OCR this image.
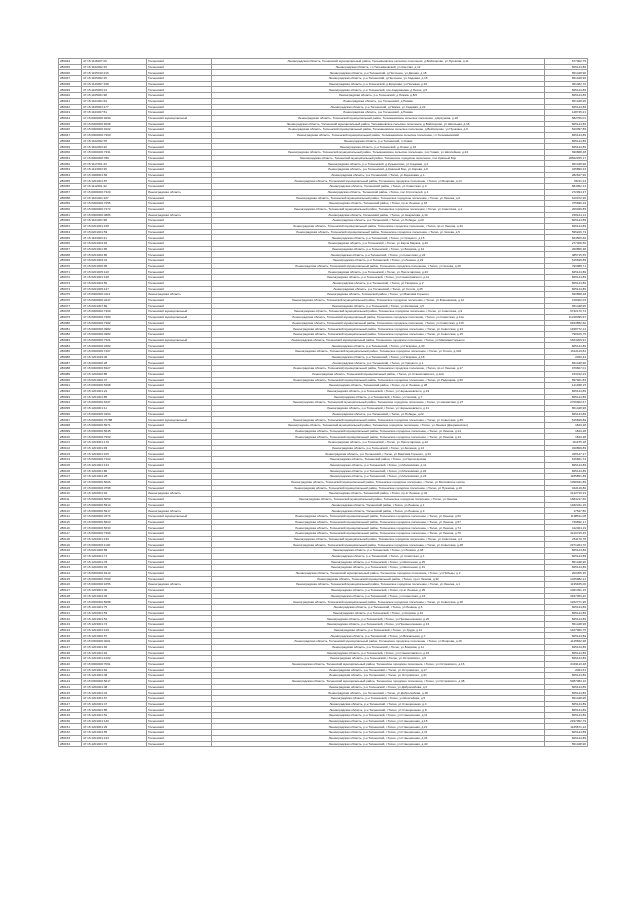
280034	47:15:1116007:26	Тосненский	Ленинградская область, Тосненский муниципальный район, Тельмановское сельское поселение, д.Войскорово, ул.Пушкина, д.11	677002,79
280035	47:15:1102002:15	Тосненский	Ленинградская область, г.п.Тельмановский, ул.Светлая, д.12	825144,89
280036	47:15:1105010:216	Тосненский	Ленинградская область, р-н Тосненский, д.Песочное, ул.Дачная, д.18	651448,96
280037	47:15:1105002:15	Тосненский	Ленинградская область, р-н Тосненский, д.Песочное, ул.Садовая, д.15	651448,96
280038	47:15:1126007:138	Тосненский	Ленинградская область, р-н Тосненский, д.Ерзунова, ул.Полевая, д.22	361462,76
280039	47:15:1105003:14	Тосненский	Ленинградская область, р-н Тосненский, пос.Андрианова, д.Песок, д.5	825144,89
280040	47:15:1105001:98	Тосненский	Ленинградская область, р-н Тосненский, д.Пижма, д.8/4	825144,89
280041	47:15:1101001:63	Тосненский	Ленинградская область, р-н Тосненский, д.Пижма	651448,96
280042	47:15:1105004:177	Тосненский	Ленинградская область, р-н Тосненский, д.Пижма, ул.Садовая, д.22	825144,89
280043	47:15:1103007:51	Тосненский	Ленинградская область, р-н Тосненский, д.Пижма	148745,21
280044	47:15:0000000:9290	Тосненский муниципальный	Ленинградская область, Тосненский муниципальный район, Тельмановское сельское поселение, д.Ерзунова, д.18	582756,01
280045	47:15:0000000:9268	Тосненский	Ленинградская область, Тосненский муниципальный район, Тельмановское сельское поселение, д.Войскорово, ул.Школьная, д.16	825144,89
280046	47:15:0000000:9162	Тосненский	Ленинградская область, Тосненский муниципальный район, Тельмановское сельское поселение, д.Войскорово, ул.Пушкина, д.9	520097,89
280047	47:15:0000000:7360	Тосненский	Ленинградская область, Тосненский муниципальный район, Тельмановское сельское поселение, г.п.Тельмановский	825144,89
280048	47:15:1102002:78	Тосненский	Ленинградская область, р-н Тосненский, п.Ушаки	825144,89
280049	47:15:1102003:40	Тосненский	Ленинградская область, р-н Тосненский, д.Ушаки, д.16	825144,89
280050	47:15:0000000:7331	Тосненский	Ленинградская область, Тосненский муниципальный район, Тельмановское сельское поселение, пос.Ушаки, ул.Шоссейная, д.24	690868,48
280051	47:15:0000000:780	Тосненский	Ленинградская область, Тосненский муниципальный район, Тосненское городское поселение, пос.Красный Бор	18662355,17
280052	47:15:1117001:43	Тосненский	Ленинградская область, р-н Тосненский, д.Кузьмолово, ул.Садовая, д.4	651448,96
280053	47:15:1123003:36	Тосненский	Ленинградская область, р-н Тосненский, д.Красный Бор, ул.Кирова, д.9	325890,34
280054	47:15:1008001:56	Тосненский	Ленинградская область, р-н Тосненский, г.Тосно, ул.Березовая, д.1	282627,96
280055	47:15:1201001:87	Тосненский	Ленинградская область, Тосненский муниципальный район, Тосненское городское поселение, г.Тосно, ул.Боярова, д.14	78211,24
280056	47:15:1112001:32	Тосненский	Ленинградская область, Тосненский район, г.Тосно, ул.Советская, д.4	684952,13
280057	47:15:0000000:7320	Ленинградская область	Ленинградская область, Тосненский район, г.Тосно, пос.Строителей, д.1	272094,37
280058	47:15:1101001:107	Тосненский	Ленинградская область, Тосненский муниципальный район, Тосненское городское поселение, г.Тосно, ул.Ленина, д.6	610072,96
280059	47:15:0000000:7255	Тосненский	Ленинградская область, Тосненский район, г.Тосно, пр-кт Ленина, д.18	375699,19
280060	47:15:0000000:7274	Тосненский	Ленинградская область, Тосненский муниципальный район, Тосненское городское поселение, г.Тосно, ул.Советская, д.1	206036,89
280061	47:15:0000000:4886	Ленинградская область	Ленинградская область, Тосненский район, г.Тосно, ул.Некрасова, д.10	158124,14
280062	47:15:1101001:98	Тосненский	Ленинградская область, р-н Тосненский, г.Тосно, ул.Победы, д.20	825144,89
280063	47:15:0201001:158	Тосненский	Ленинградская область, Тосненский муниципальный район, Тосненское городское поселение, г.Тосно, пр-кт Ленина, д.33	825144,89
280064	47:15:0201001:53	Тосненский	Ленинградская область, Тосненский муниципальный район, Тосненское городское поселение, г.Тосно, ул.Чехова, д.5	595226,73
280065	47:15:1103003:41	Тосненский	Ленинградская область, р-н Тосненский, г.Тосно, ул.Урицкого, д.15	844506,66
280066	47:15:0201003:94	Тосненский	Ленинградская область, р-н Тосненский, г.Тосно, ул.Карла Маркса, д.40	277306,56
280067	47:15:0201001:65	Тосненский	Ленинградская область, р-н Тосненский, г.Тосно, ул.Боярова, д.14	260856,38
280068	47:15:0201002:86	Тосненский	Ленинградская область, р-н Тосненский, г.Тосно, ул.Советская, д.24	485715,55
280069	47:15:0201003:34	Тосненский	Ленинградская область, р-н Тосненский, г.Тосно, ул.Ленина, д.22	516849,89
280070	47:15:0201006:95	Тосненский	Ленинградская область, Тосненский муниципальный район, Тосненское городское поселение, г.Тосно, ул.Чехова, д.29	790088,71
280071	47:15:0201005:120	Тосненский	Ленинградская область, р-н Тосненский, г.Тосно, ул.Пролетарская, д.23	825144,89
280072	47:15:0201001:138	Тосненский	Ленинградская область, р-н Тосненский, г.Тосно, ул.Станиславского, д.11	825144,89
280073	47:15:0201004:50	Тосненский	Ленинградская область, р-н Тосненский, г.Тосно, ул.Гагарина, д.2	825144,89
280074	47:15:0201005:137	Тосненский	Ленинградская область, р-н Тосненский, г.Тосно, ул.Гоголя, д.25	825144,89
280075	47:15:0000000:4113	Ленинградская область	Ленинградская область, Тосненский район, г.Тосно, ул.Максима Горького	690868,48
280076	47:15:0000000:3447	Тосненский	Ленинградская область, Тосненский муниципальный район, Тосненское городское поселение, г.Тосно, ул.Блинникова, д.12	128402,03
280077	47:15:0201007:89	Тосненский	Ленинградская область, р-н Тосненский, г.Тосно, ул.Калинина, д.5	651448,96
280078	47:15:0000000:7309	Тосненский муниципальный	Ленинградская область, Тосненский муниципальный район, Тосненское городское поселение, г.Тосно, ул.Советская, д.9	6732170,74
280079	47:15:0000000:7380	Тосненский муниципальный	Ленинградская область, Тосненский муниципальный район, Тосненское городское поселение, г.Тосно, ул.Советская, д.11а	11218396,97
280080	47:15:0000000:7382	Тосненский	Ленинградская область, Тосненский муниципальный район, Тосненское городское поселение, г.Тосно, ул.Советская, д.11б	6493852,60
280081	47:15:0000000:4982	Тосненский	Ленинградская область, Тосненский муниципальный район, Тосненское городское поселение, г.Тосно, ул.Советская, д.13	1458772,14
280082	47:15:0000000:4983	Тосненский	Ленинградская область, Тосненский муниципальный район, Тосненское городское поселение, г.Тосно, ул.Советская, д.15	798106,75
280083	47:15:0000000:7321	Тосненский муниципальный	Ленинградская область, Тосненский муниципальный район, Тосненское городское поселение, г.Тосно, ул.Максима Горького	1664209,91
280084	47:15:0000000:3482	Тосненский	Ленинградская область, р-н Тосненский, г.Тосно, ул.Гагарина, д.40	825144,89
280085	47:15:0000000:7407	Тосненский	Ленинградская область, Тосненский муниципальный район, Тосненское городское поселение, г.Тосно, ул.Гоголя, д.102	1612119,84
280086	47:15:1201019:36	Тосненский	Ленинградская область, р-н Тосненский, г.Тосно, ул.Гагарина, д.18	2060,44
280087	47:15:0000000:28	Тосненский	Ленинградская область, р-н Тосненский, г.Тосно, ул.Урицкого, д.1	651448,96
280088	47:15:0000000:6327	Тосненский	Ленинградская область, Тосненский муниципальный район, Тосненское городское поселение, г.Тосно, пр-кт Ленина, д.17	979607,01
280089	47:15:1202002:85	Тосненский	Ленинградская область, Тосненский муниципальный район, г.Тосно, ул.Станиславского, д.12А	153312,23
280090	47:15:0201002:37	Тосненский	Ленинградская область, Тосненский муниципальный район, Тосненское городское поселение, г.Тосно, ул.Радищева, д.30	597901,83
280091	47:15:0000000:5498	Тосненский	Ленинградская область, Тосненский район, г.Тосно, пр-кт Ленина, д.28	121938,15
280092	47:15:1201001:24	Тосненский	Ленинградская область, р-н Тосненский, г.Тосно, ул.Чернышевского, д.19	825144,89
280093	47:15:1201001:85	Тосненский	Ленинградская область, р-н Тосненский, г.Тосно, ул.Чехова, д.7	825144,89
280094	47:15:0000000:6337	Тосненский	Ленинградская область, Тосненский муниципальный район, Тосненское городское поселение, г.Тосно, ул.Некрасова, д.27	2706902,67
280095	47:15:1202001:11	Тосненский	Ленинградская область, р-н Тосненский, г.Тосно, ул.Чернышевского, д.11	651448,96
280096	47:15:0000000:3460	Тосненский	Ленинградская область, р-н Тосненский, г.Тосно, ул.Победы, д.22	825144,89
280097	47:15:0000000:70788	Тосненский муниципальный	Ленинградская область, Тосненский муниципальный район, Тосненское городское поселение, г.Тосно, ул.Советская, д.45	516849,89
280098	47:15:0000000:5671	Тосненский	Ленинградская область, Тосненский муниципальный район, Тосненское городское поселение, г.Тосно, ул.Ленина (Дзержинского)	1843,28
280099	47:15:0000000:5645	Тосненский	Ленинградская область, Тосненский муниципальный район, Тосненское городское поселение, г.Тосно, ул.Ленина, д.14	1843,28
280100	47:15:0000000:7900	Тосненский	Ленинградская область, Тосненский муниципальный район, Тосненское городское поселение, г.Тосно, ул.Ленина, д.14	1843,28
280101	47:15:1203001:179	Тосненский	Ленинградская область, р-н Тосненский, г.Тосно, ул.Пролетарская, д.12	111975,18
280102	47:15:1201001:93	Тосненский	Ленинградская область, р-н Тосненский, г.Тосно, ул.Зеленая, д.14	340809,89
280103	47:15:1203001:105	Тосненский	Ленинградская область, р-н Тосненский, г.Тосно, ул.Максима Горького, д.33	345147,37
280104	47:15:0000000:7103	Тосненский	Ленинградская область, Тосненский район, г.Тосно, ул.Пролетарская	616661,74
280105	47:15:1201001:134	Тосненский	Ленинградская область, р-н Тосненский, г.Тосно, ул.Московская, д.11	825144,89
280106	47:15:1202001:86	Тосненский	Ленинградская область, р-н Тосненский, г.Тосно, ул.Московская, д.24	825144,89
280107	47:15:1201001:28	Тосненский	Ленинградская область, р-н Тосненский, г.Тосно, ул.Московская, д.23	1185851,89
280108	47:15:0000000:5606	Тосненский	Ленинградская область, Тосненский муниципальный район, Тосненское городское поселение, г.Тосно, ул.Московское шоссе	1098031,89
280109	47:15:0000000:3798	Тосненский	Ленинградская область, Тосненский муниципальный район, Тосненское городское поселение, г.Тосно, ул.Пушкина, д.16	942119,80
280110	47:15:1202001:94	Ленинградская область	Ленинградская область, Тосненский район, г.Тосно, пр-кт Ленина, д.44	3122719,33
280111	47:15:0000000:5659	Тосненский	Ленинградская область, Тосненский муниципальный район, Тосненское городское поселение, г.Тосно, ул.Ленина	1684217,66
280112	47:15:0000000:5914	Тосненский	Ленинградская область, Тосненский район, г.Тосно, ул.Ленина, д.1	1482341,15
280113	47:15:0000000:5917	Ленинградская область	Ленинградская область, Тосненский район, г.Тосно, ул.Ленина, д.3	17547,86
280114	47:15:0000000:3476	Тосненский муниципальный	Ленинградская область, Тосненский муниципальный район, Тосненское городское поселение, г.Тосно, ул.Ленина, д.52	1198511,08
280115	47:15:0000000:5603	Тосненский	Ленинградская область, Тосненский муниципальный район, Тосненское городское поселение, г.Тосно, ул.Ленина, д.57	739832,17
280116	47:15:0000000:5633	Тосненский	Ленинградская область, Тосненский муниципальный район, Тосненское городское поселение, г.Тосно, ул.Ленина, д.74	412464,19
280117	47:15:0000000:7390	Тосненский	Ленинградская область, Тосненский муниципальный район, Тосненское городское поселение, г.Тосно, ул.Ленина, д.76	4129745,45
280118	47:15:1202001:136	Тосненский	Ленинградская область, Тосненский муниципальный район, Тосненское городское поселение, г.Тосно, ул.Советская, д.2	251170,78
280119	47:15:0000000:1100	Тосненский	Ленинградская область, Тосненский муниципальный район, Тосненское городское поселение, г.Тосно, ул.Советская, д.28	2971264,76
280120	47:15:0201006:89	Тосненский	Ленинградская область, р-н Тосненский, г.Тосно, ул.Ленина, д.48	825144,89
280121	47:15:1202001:71	Тосненский	Ленинградская область, р-н Тосненский, г.Тосно, ул.Советская, д.1	825144,89
280122	47:15:1202001:78	Тосненский	Ленинградская область, р-н Тосненский, г.Тосно, ул.Школьная, д.25	651448,96
280123	47:15:1202002:33	Тосненский	Ленинградская область, р-н Тосненский, г.Тосно, ул.Школьная, д.31	825144,89
280124	47:15:0000000:6313	Тосненский	Ленинградская область, Тосненский муниципальный район, Тосненское городское поселение, г.Тосно, ул.Победы, д.2	200305,36
280125	47:15:0000000:7099	Тосненский	Ленинградская область, Тосненский муниципальный район, г.Тосно, пр-кт Ленина, д.32	1045982,21
280126	47:15:0000000:1656	Ленинградская область	Ленинградская область, Тосненский муниципальный район, Тосненское городское поселение, г.Тосно, ул.Ленина, д.1	1135465,00
280127	47:15:1203001:30	Тосненский	Ленинградская область, р-н Тосненский, г.Тосно, пр-кт Ленина, д.25	1051451,15
280128	47:15:1201001:46	Тосненский	Ленинградская область, р-н Тосненский, г.Тосно, ул.Советская, д.15	3497360,40
280129	47:15:0000000:5688	Тосненский	Ленинградская область, Тосненский муниципальный район, Тосненское городское поселение, г.Тосно, ул.Советская, д.18	1262771,95
280130	47:15:1201001:75	Тосненский	Ленинградская область, р-н Тосненский, г.Тосно, ул.Ленина, д.5	825144,89
280131	47:15:1202001:53	Тосненский	Ленинградская область, р-н Тосненский, г.Тосно, ул.Кирова, д.10	825144,89
280132	47:15:1201001:52	Тосненский	Ленинградская область, р-н Тосненский, г.Тосно, ул.Промышленная, д.20	825144,89
280133	47:15:1203001:74	Тосненский	Ленинградская область, р-н Тосненский, г.Тосно, ул.Промышленная, д.13	651448,96
280134	47:15:1201001:129	Тосненский	Ленинградская область, р-н Тосненский, г.Тосно, ул.Труда, д.11	1467960,75
280135	47:15:1201002:57	Тосненский	Ленинградская область, р-н Тосненский, г.Тосно, ул.Вокзальная, д.7	825144,89
280136	47:15:0000000:4001	Тосненский	Ленинградская область, Тосненский муниципальный район, Тосненское городское поселение, г.Тосно, ул.Боярова, д.19	1145562,98
280137	47:15:1201001:66	Тосненский	Ленинградская область, р-н Тосненский, г.Тосно, ул.Боярова, д.11	825144,89
280138	47:15:1201001:94	Тосненский	Ленинградская область, р-н Тосненский, г.Тосно, ул.Станиславского, д.15	825144,89
280139	47:15:1201001:1202	Тосненский	Ленинградская область, р-н Тосненский, г.Тосно, ул.Островского, д.5	825144,89
280140	47:15:0000000:7091	Тосненский	Ленинградская область, Тосненский муниципальный район, Тосненское городское поселение, г.Тосно, ул.Островского, д.16	2349110,48
280141	47:15:1201001:62	Тосненский	Ленинградская область, р-н Тосненский, г.Тосно, ул.Островского, д.17	2064,51
280142	47:15:1201001:48	Тосненский	Ленинградская область, р-н Тосненский, г.Тосно, ул.Островского, д.31	825144,89
280143	47:15:0000000:5617	Тосненский	Ленинградская область, Тосненский муниципальный район, Тосненское городское поселение, г.Тосно, ул.Островского, д.38	5387084,10
280144	47:15:1202001:48	Тосненский	Ленинградская область, р-н Тосненский, г.Тосно, ул.Добролюбова, д.3	825144,89
280145	47:15:1201001:42	Тосненский	Ленинградская область, р-н Тосненский, г.Тосно, ул.Добролюбова, д.18	825144,89
280146	47:15:1201001:57	Тосненский	Ленинградская область, р-н Тосненский, г.Тосно, ул.Шоссейная, д.5	651448,96
280147	47:15:1202001:47	Тосненский	Ленинградская область, р-н Тосненский, г.Тосно, ул.Станционная, д.4	825144,89
280148	47:15:1202001:85	Тосненский	Ленинградская область, р-н Тосненский, г.Тосно, ул.Станционная, д.8	825144,89
280149	47:15:1201001:51	Тосненский	Ленинградская область, р-н Тосненский, г.Тосно, ул.Станционная, д.11	825144,89
280150	47:15:1201001:140	Тосненский	Ленинградская область, р-н Тосненский, г.Тосно, ул.Станционная, д.15	2497052,79
280151	47:15:1203001:29	Тосненский	Ленинградская область, р-н Тосненский, г.Тосно, ул.Станционная, д.21	1165871,22
280152	47:15:1201001:55	Тосненский	Ленинградская область, р-н Тосненский, г.Тосно, ул.Станционная, д.31	825144,89
280153	47:15:1201001:133	Тосненский	Ленинградская область, р-н Тосненский, г.Тосно, ул.Станционная, д.34	825144,89
280154	47:15:1201001:76	Тосненский	Ленинградская область, р-н Тосненский, г.Тосно, ул.Станционная, д.40	651448,96
